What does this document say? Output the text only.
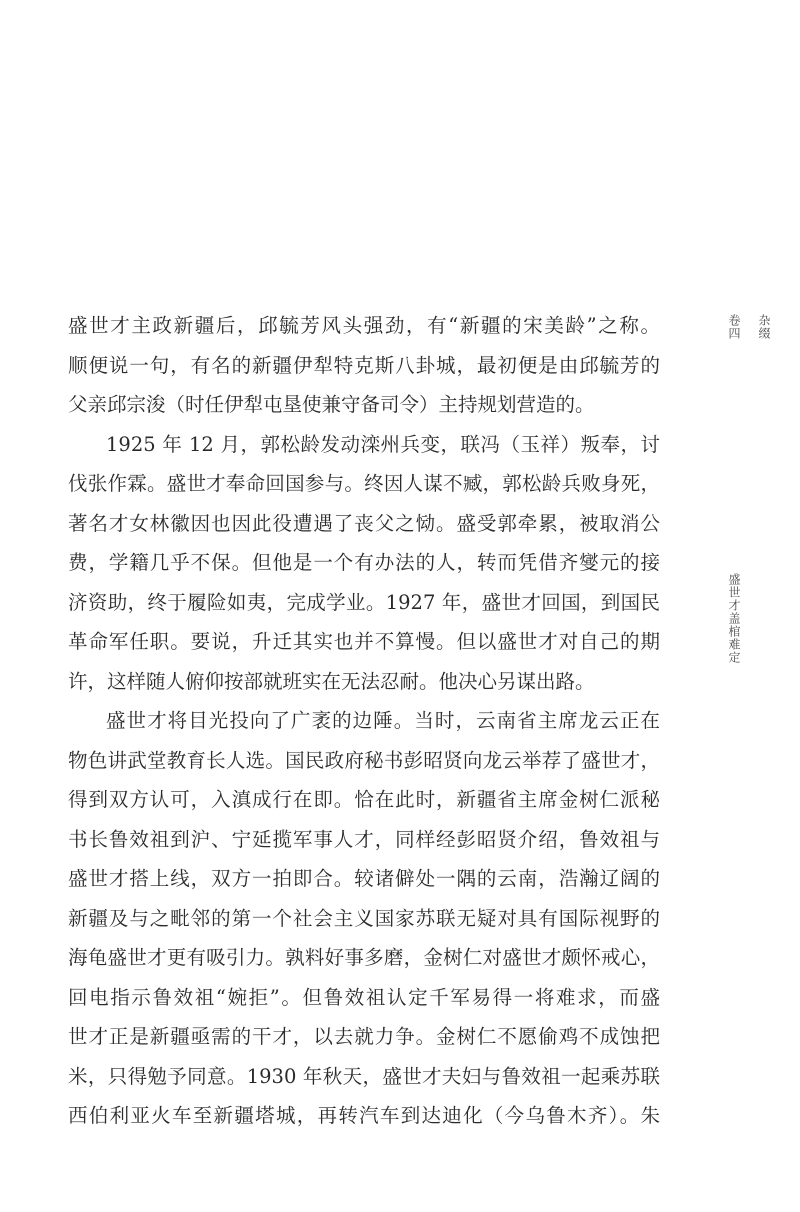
卷四 杂缀
盛世才盖棺难定
盛世才主政新疆后，邱毓芳风头强劲，有“新疆的宋美龄”之称。
顺便说一句，有名的新疆伊犁特克斯八卦城，最初便是由邱毓芳的
父亲邱宗浚（时任伊犁屯垦使兼守备司令）主持规划营造的。
1925 年 12 月，郭松龄发动滦州兵变，联冯（玉祥）叛奉，讨
伐张作霖。盛世才奉命回国参与。终因人谋不臧，郭松龄兵败身死，
著名才女林徽因也因此役遭遇了丧父之恸。盛受郭牵累，被取消公
费，学籍几乎不保。但他是一个有办法的人，转而凭借齐燮元的接
济资助，终于履险如夷，完成学业。1927 年，盛世才回国，到国民
革命军任职。要说，升迁其实也并不算慢。但以盛世才对自己的期
许，这样随人俯仰按部就班实在无法忍耐。他决心另谋出路。
盛世才将目光投向了广袤的边陲。当时，云南省主席龙云正在
物色讲武堂教育长人选。国民政府秘书彭昭贤向龙云举荐了盛世才，
得到双方认可，入滇成行在即。恰在此时，新疆省主席金树仁派秘
书长鲁效祖到沪、宁延揽军事人才，同样经彭昭贤介绍，鲁效祖与
盛世才搭上线，双方一拍即合。较诸僻处一隅的云南，浩瀚辽阔的
新疆及与之毗邻的第一个社会主义国家苏联无疑对具有国际视野的
海龟盛世才更有吸引力。孰料好事多磨，金树仁对盛世才颇怀戒心，
回电指示鲁效祖“婉拒”。但鲁效祖认定千军易得一将难求，而盛
世才正是新疆亟需的干才，以去就力争。金树仁不愿偷鸡不成蚀把
米，只得勉予同意。1930 年秋天，盛世才夫妇与鲁效祖一起乘苏联
西伯利亚火车至新疆塔城，再转汽车到达迪化（今乌鲁木齐）。朱
